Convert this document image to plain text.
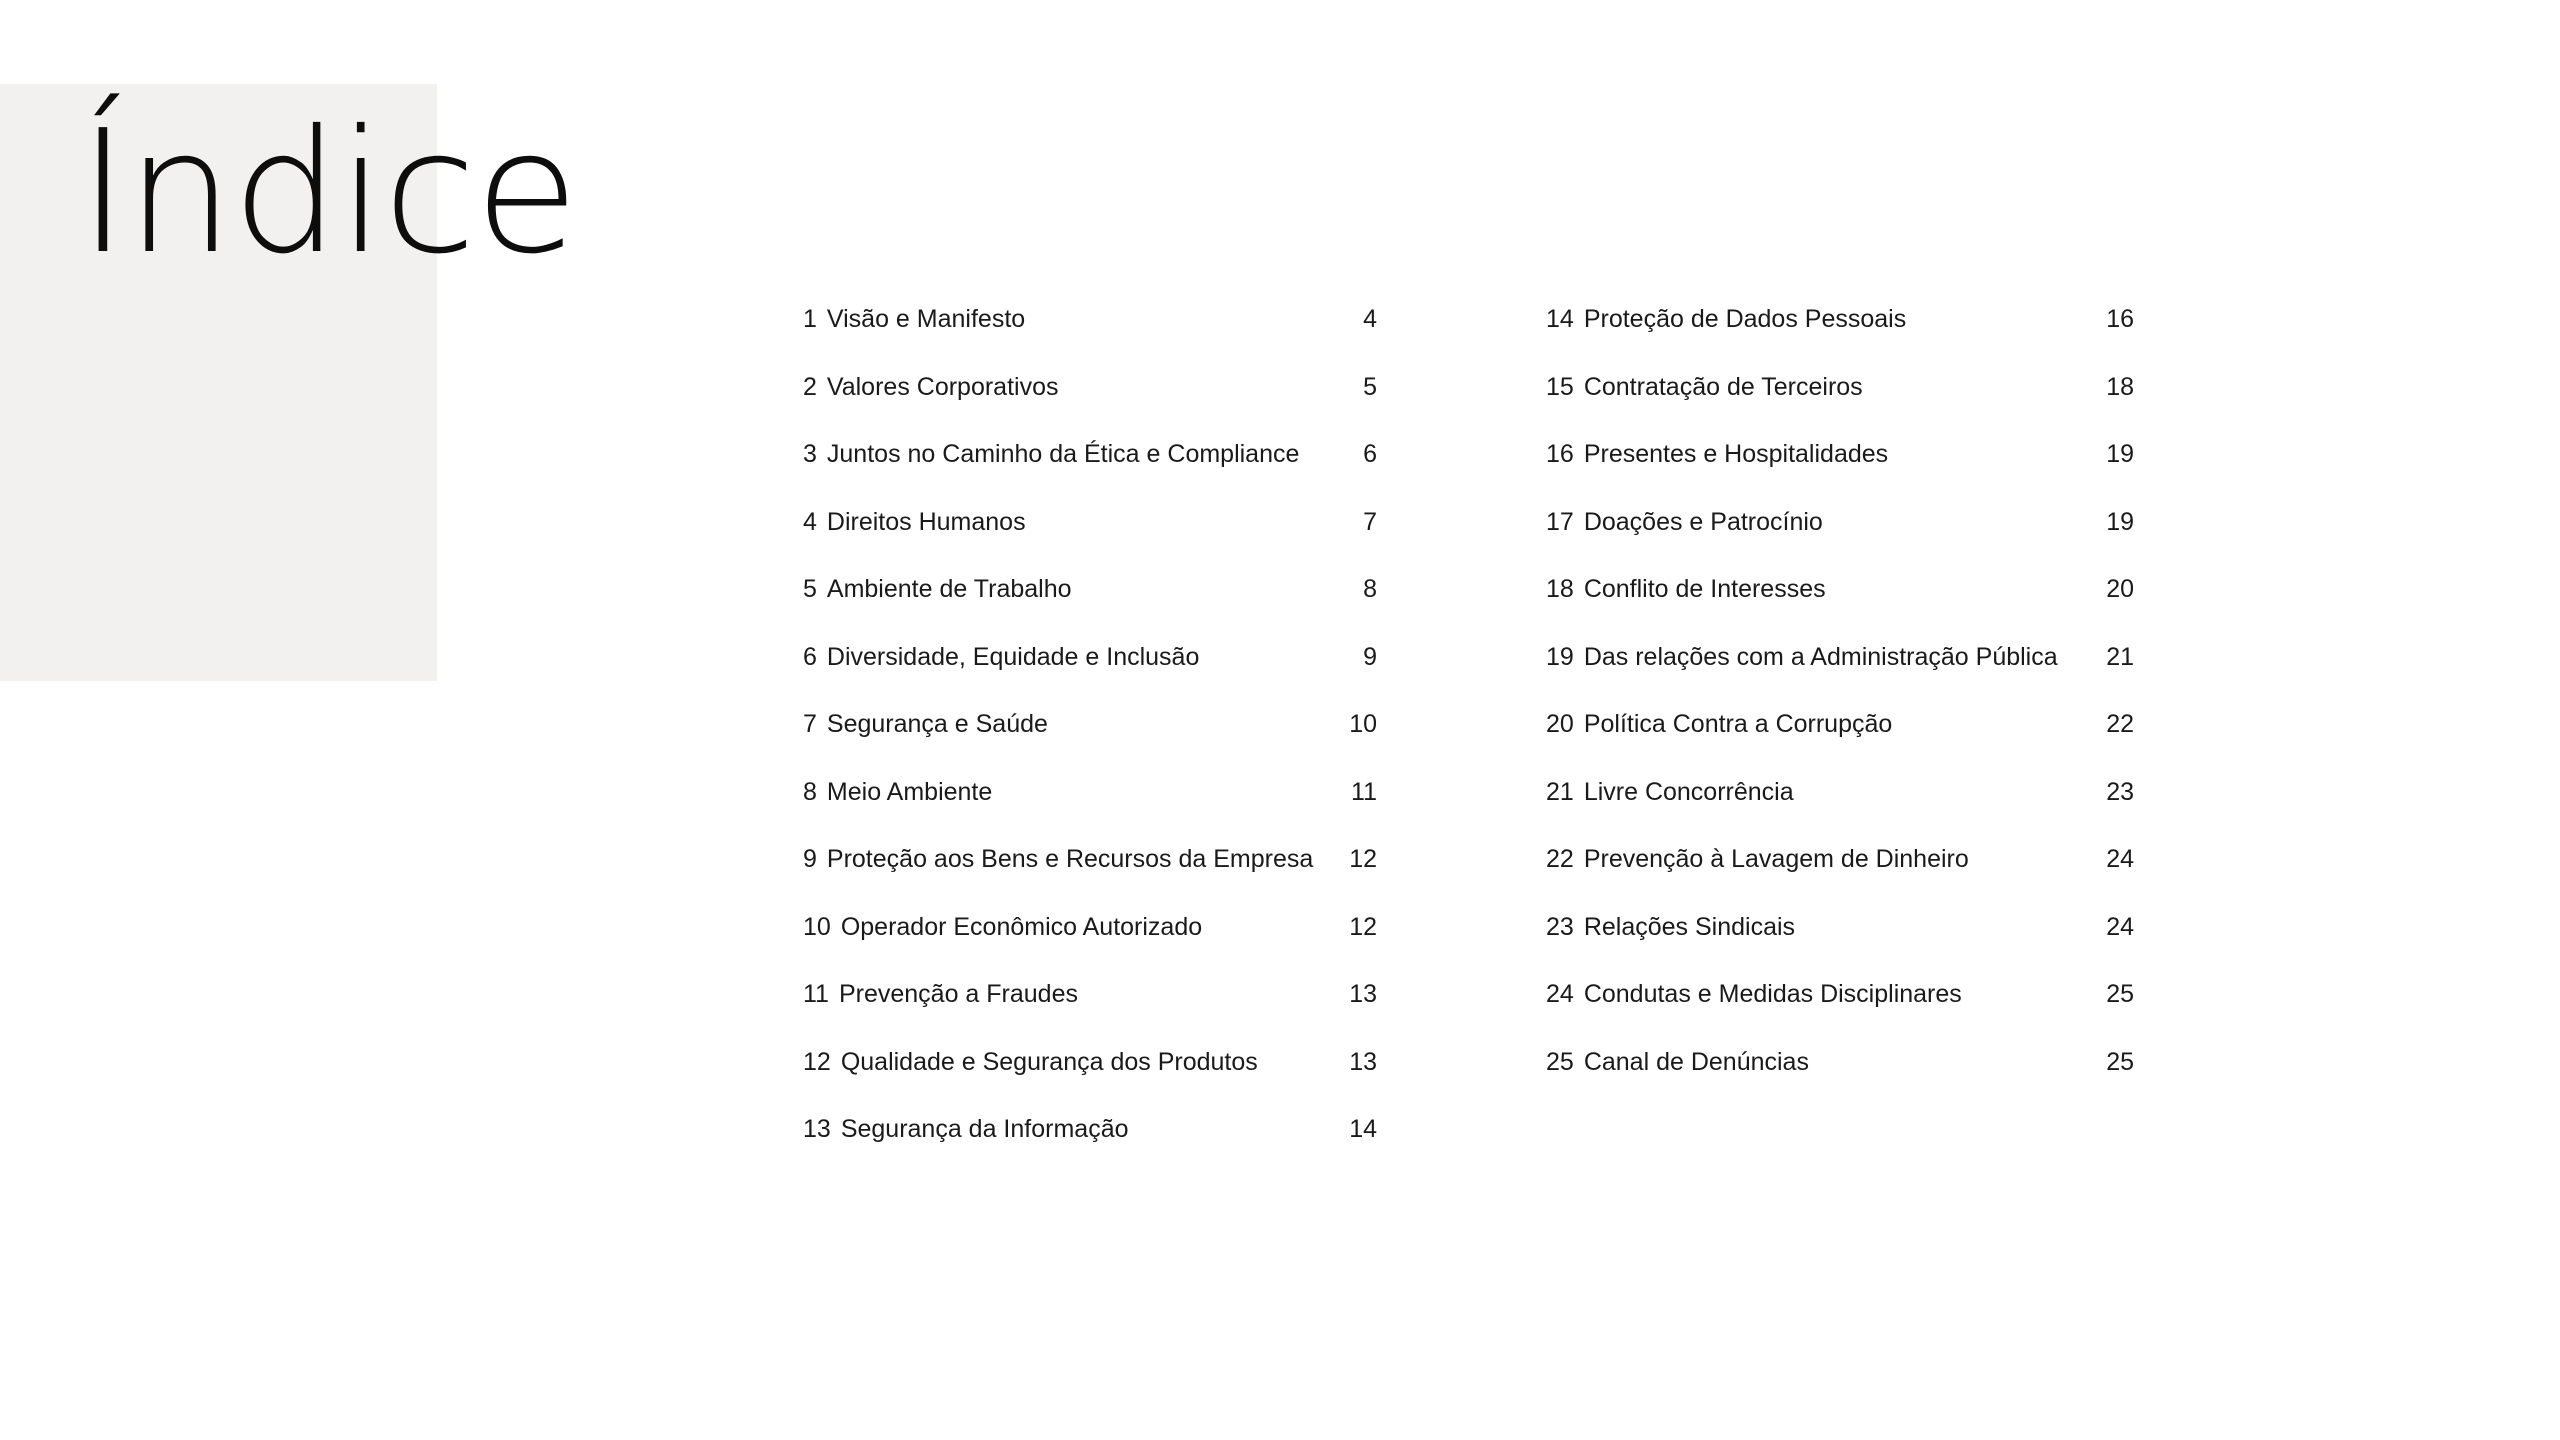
Índice
1 Visão e Manifesto	4
2 Valores Corporativos	5
3 Juntos no Caminho da Ética e Compliance	6
4 Direitos Humanos	7
5 Ambiente de Trabalho	8
6 Diversidade, Equidade e Inclusão	9
7 Segurança e Saúde	10
8 Meio Ambiente	11
9 Proteção aos Bens e Recursos da Empresa	12
10 Operador Econômico Autorizado	12
11 Prevenção a Fraudes	13
12 Qualidade e Segurança dos Produtos	13
13 Segurança da Informação	14
14 Proteção de Dados Pessoais	16
15 Contratação de Terceiros	18
16 Presentes e Hospitalidades	19
17 Doações e Patrocínio	19
18 Conflito de Interesses	20
19 Das relações com a Administração Pública	21
20 Política Contra a Corrupção	22
21 Livre Concorrência	23
22 Prevenção à Lavagem de Dinheiro	24
23 Relações Sindicais	24
24 Condutas e Medidas Disciplinares	25
25 Canal de Denúncias	25
